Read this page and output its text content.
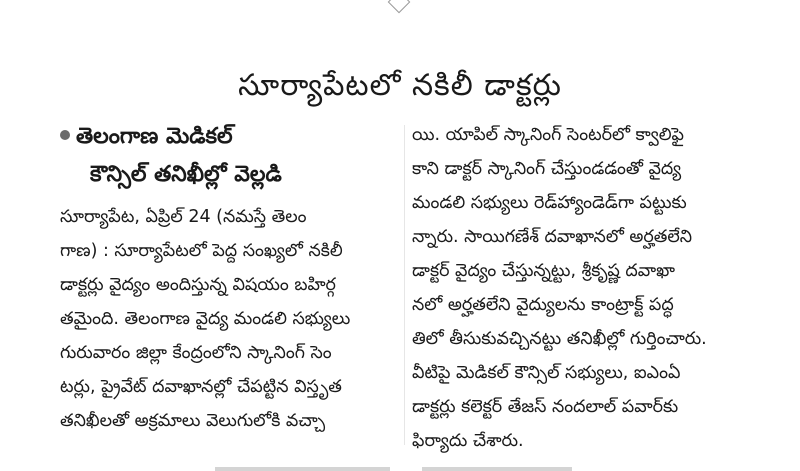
సూర్యాపేటలో నకిలీ డాక్టర్లు
తెలంగాణ మెడికల్
కౌన్సిల్ తనిఖీల్లో వెల్లడి

సూర్యాపేట, ఏప్రిల్ 24 (నమస్తే తెలం

గాణ) : సూర్యాపేటలో పెద్ద సంఖ్యలో నకిలీ

డాక్టర్లు వైద్యం అందిస్తున్న విషయం బహిర్గ

తమైంది. తెలంగాణ వైద్య మండలి సభ్యులు

గురువారం జిల్లా కేంద్రంలోని స్కానింగ్ సెం

టర్లు, ప్రైవేట్ దవాఖానల్లో చేపట్టిన విస్తృత

తనిఖీలతో అక్రమాలు వెలుగులోకి వచ్చా

యి. యాపిల్ స్కానింగ్ సెంటర్‌లో క్వాలిఫై

కాని డాక్టర్ స్కానింగ్ చేస్తుండడంతో వైద్య

మండలి సభ్యులు రెడ్‌హ్యాండెడ్‌గా పట్టుకు

న్నారు. సాయిగణేశ్ దవాఖానలో అర్హతలేని

డాక్టర్ వైద్యం చేస్తున్నట్టు, శ్రీకృష్ణ దవాఖా

నలో అర్హతలేని వైద్యులను కాంట్రాక్ట్ పద్ధ

తిలో తీసుకువచ్చినట్టు తనిఖీల్లో గుర్తించారు.

వీటిపై మెడికల్ కౌన్సిల్ సభ్యులు, ఐఎంఏ

డాక్టర్లు కలెక్టర్ తేజస్ నందలాల్ పవార్‌కు

ఫిర్యాదు చేశారు.
